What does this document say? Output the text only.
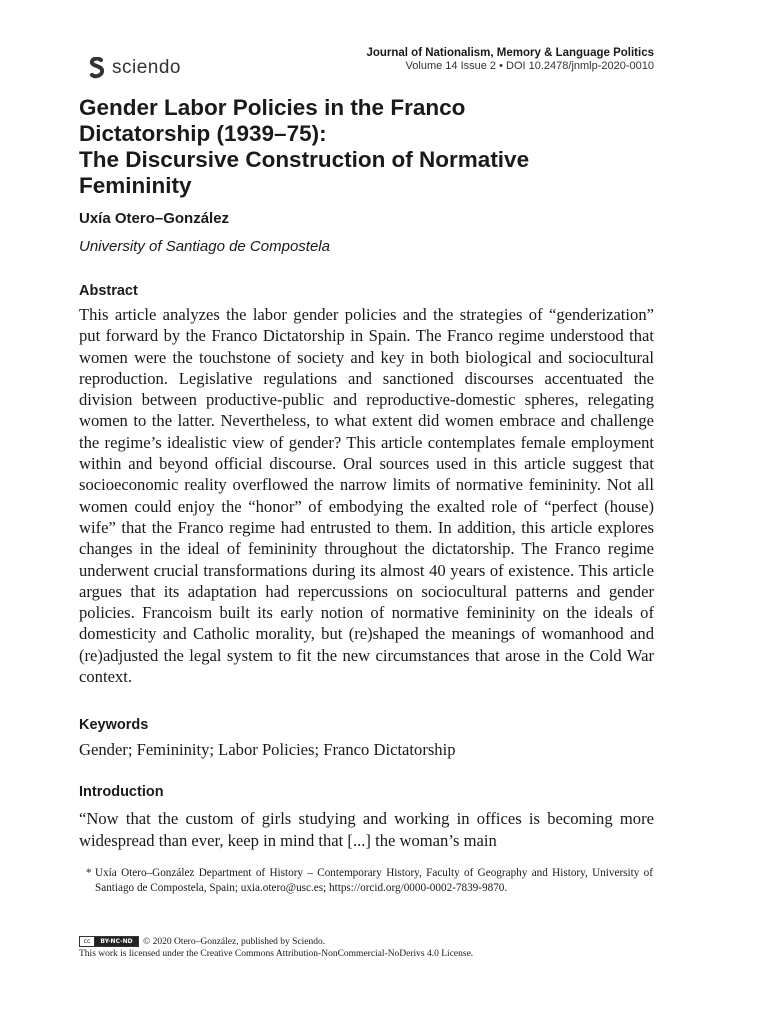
sciendo
Journal of Nationalism, Memory & Language Politics
Volume 14 Issue 2 • DOI 10.2478/jnmlp-2020-0010
Gender Labor Policies in the Franco
Dictatorship (1939–75):
The Discursive Construction of Normative
Femininity
Uxía Otero–González
University of Santiago de Compostela
Abstract
This article analyzes the labor gender policies and the strategies of “genderization” put forward by the Franco Dictatorship in Spain. The Franco regime understood that women were the touchstone of society and key in both biological and sociocultural reproduction. Legislative regulations and sanctioned discourses accentuated the division between productive-public and reproductive-domestic spheres, relegating women to the latter. Nevertheless, to what extent did women embrace and challenge the regime’s idealistic view of gender? This article contemplates female employment within and beyond official discourse. Oral sources used in this article suggest that socioeconomic reality overflowed the narrow limits of normative femininity. Not all women could enjoy the “honor” of embodying the exalted role of “perfect (house) wife” that the Franco regime had entrusted to them. In addition, this article explores changes in the ideal of femininity throughout the dictatorship. The Franco regime underwent crucial transformations during its almost 40 years of existence. This article argues that its adaptation had repercussions on sociocultural patterns and gender policies. Francoism built its early notion of normative femininity on the ideals of domesticity and Catholic morality, but (re)shaped the meanings of womanhood and (re)adjusted the legal system to fit the new circumstances that arose in the Cold War context.
Keywords
Gender; Femininity; Labor Policies; Franco Dictatorship
Introduction
“Now that the custom of girls studying and working in offices is becoming more widespread than ever, keep in mind that [...] the woman’s main
* Uxía Otero–González Department of History – Contemporary History, Faculty of Geography and History, University of Santiago de Compostela, Spain; uxia.otero@usc.es; https://orcid.org/0000-0002-7839-9870.
cc	BY-NC-ND	© 2020 Otero–González, published by Sciendo.
This work is licensed under the Creative Commons Attribution-NonCommercial-NoDerivs 4.0 License.
